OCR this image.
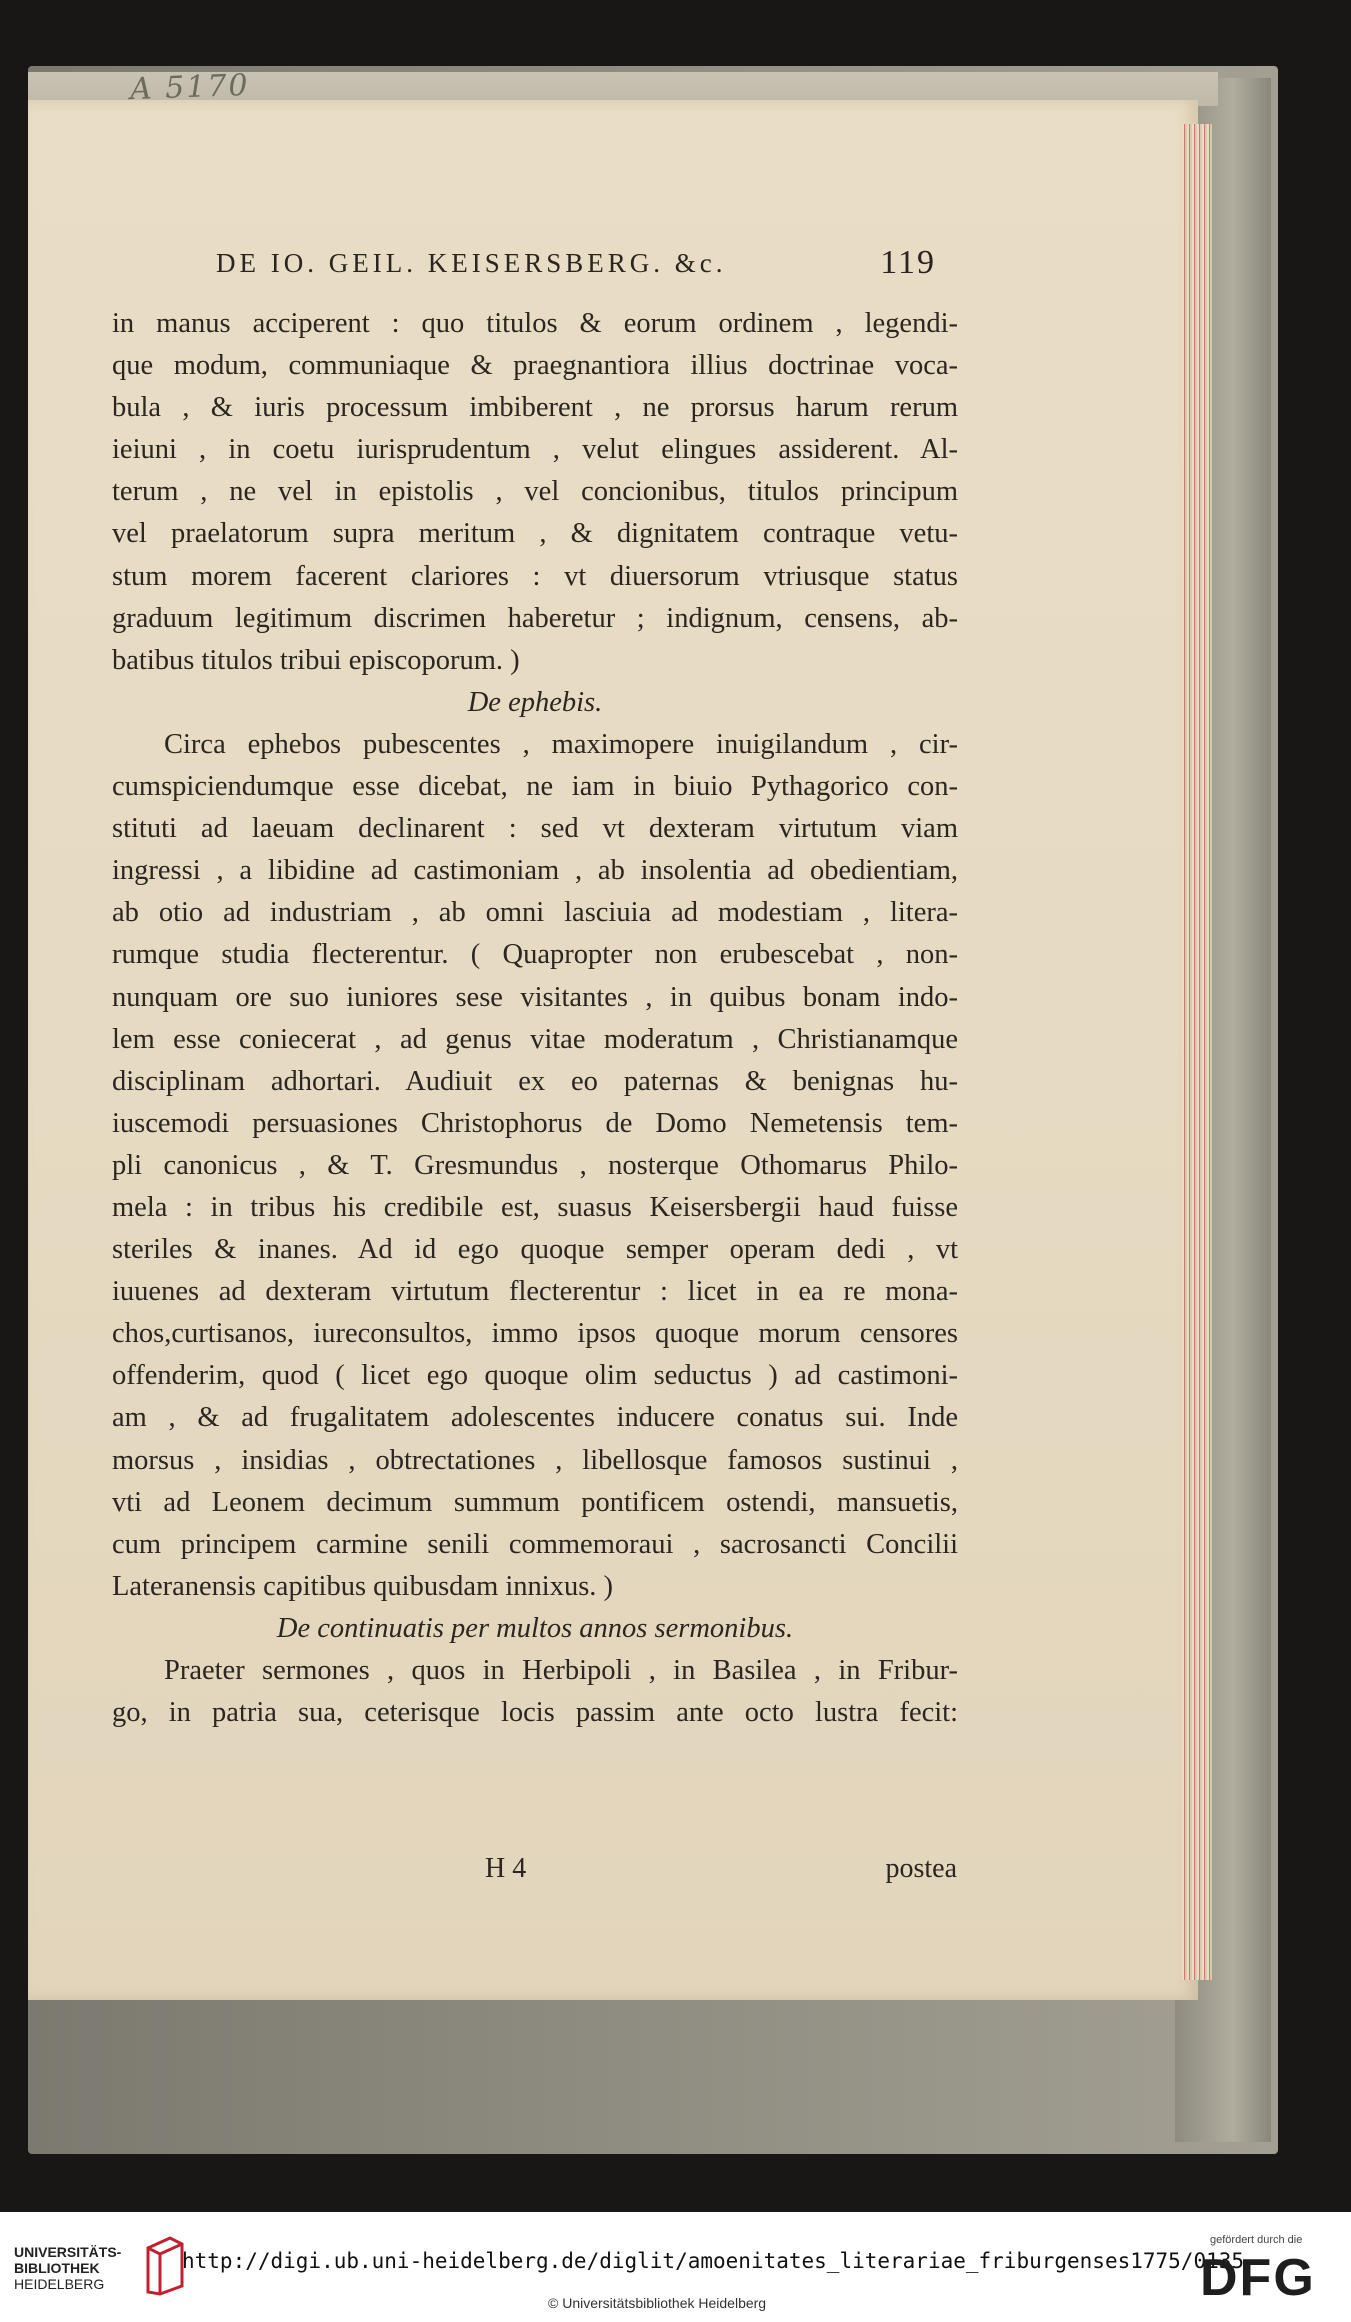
A 5170
DE IO. GEIL. KEISERSBERG. &c.	119
in manus acciperent : quo titulos & eorum ordinem , legendi-
que modum, communiaque & praegnantiora illius doctrinae voca-
bula , & iuris processum imbiberent , ne prorsus harum rerum
ieiuni , in coetu iurisprudentum , velut elingues assiderent. Al-
terum , ne vel in epistolis , vel concionibus, titulos principum
vel praelatorum supra meritum , & dignitatem contraque vetu-
stum morem facerent clariores : vt diuersorum vtriusque status
graduum legitimum discrimen haberetur ; indignum, censens, ab-
batibus titulos tribui episcoporum. )
De ephebis.
Circa ephebos pubescentes , maximopere inuigilandum , cir-
cumspiciendumque esse dicebat, ne iam in biuio Pythagorico con-
stituti ad laeuam declinarent : sed vt dexteram virtutum viam
ingressi , a libidine ad castimoniam , ab insolentia ad obedientiam,
ab otio ad industriam , ab omni lasciuia ad modestiam , litera-
rumque studia flecterentur. ( Quapropter non erubescebat , non-
nunquam ore suo iuniores sese visitantes , in quibus bonam indo-
lem esse coniecerat , ad genus vitae moderatum , Christianamque
disciplinam adhortari. Audiuit ex eo paternas & benignas hu-
iuscemodi persuasiones Christophorus de Domo Nemetensis tem-
pli canonicus , & T. Gresmundus , nosterque Othomarus Philo-
mela : in tribus his credibile est, suasus Keisersbergii haud fuisse
steriles & inanes. Ad id ego quoque semper operam dedi , vt
iuuenes ad dexteram virtutum flecterentur : licet in ea re mona-
chos,curtisanos, iureconsultos, immo ipsos quoque morum censores
offenderim, quod ( licet ego quoque olim seductus ) ad castimoni-
am , & ad frugalitatem adolescentes inducere conatus sui. Inde
morsus , insidias , obtrectationes , libellosque famosos sustinui ,
vti ad Leonem decimum summum pontificem ostendi, mansuetis,
cum principem carmine senili commemoraui , sacrosancti Concilii
Lateranensis capitibus quibusdam innixus. )
De continuatis per multos annos sermonibus.
Praeter sermones , quos in Herbipoli , in Basilea , in Fribur-
go, in patria sua, ceterisque locis passim ante octo lustra fecit:
H 4	postea
UNIVERSITÄTS-
BIBLIOTHEK
HEIDELBERG
http://digi.ub.uni-heidelberg.de/diglit/amoenitates_literariae_friburgenses1775/0135
© Universitätsbibliothek Heidelberg
gefördert durch die
DFG
